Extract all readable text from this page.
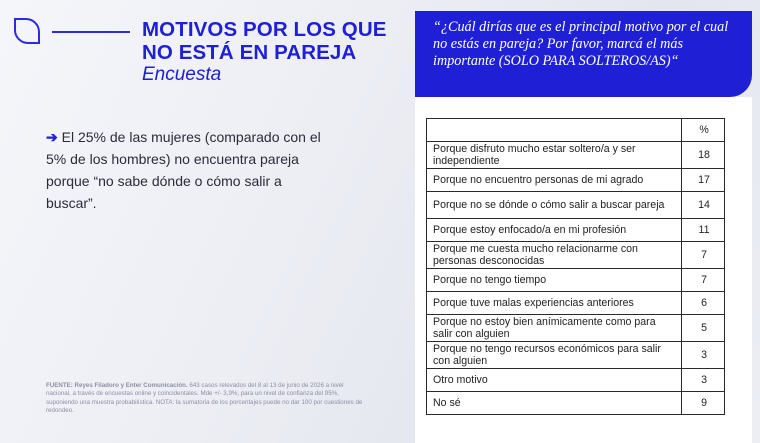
MOTIVOS POR LOS QUE
NO ESTÁ EN PAREJA
Encuesta
➔ El 25% de las mujeres (comparado con el 5% de los hombres) no encuentra pareja porque “no sabe dónde o cómo salir a buscar”.
FUENTE: Reyes Filadoro y Enter Comunicación. 643 casos relevados del 8 al 13 de junio de 2026 a nivel nacional, a través de encuestas online y coincidentales. Mde +/- 3,9%, para un nivel de confianza del 95%, suponiendo una muestra probabilística. NOTA: la sumatoria de los porcentajes puede no dar 100 por cuestiones de redondeo.
“¿Cuál dirías que es el principal motivo por el cual no estás en pareja? Por favor, marcá el más importante (SOLO PARA SOLTEROS/AS)“
	%
Porque disfruto mucho estar soltero/a y ser independiente	18
Porque no encuentro personas de mi agrado	17
Porque no se dónde o cómo salir a buscar pareja	14
Porque estoy enfocado/a en mi profesión	11
Porque me cuesta mucho relacionarme con personas desconocidas	7
Porque no tengo tiempo	7
Porque tuve malas experiencias anteriores	6
Porque no estoy bien anímicamente como para salir con alguien	5
Porque no tengo recursos económicos para salir con alguien	3
Otro motivo	3
No sé	9
